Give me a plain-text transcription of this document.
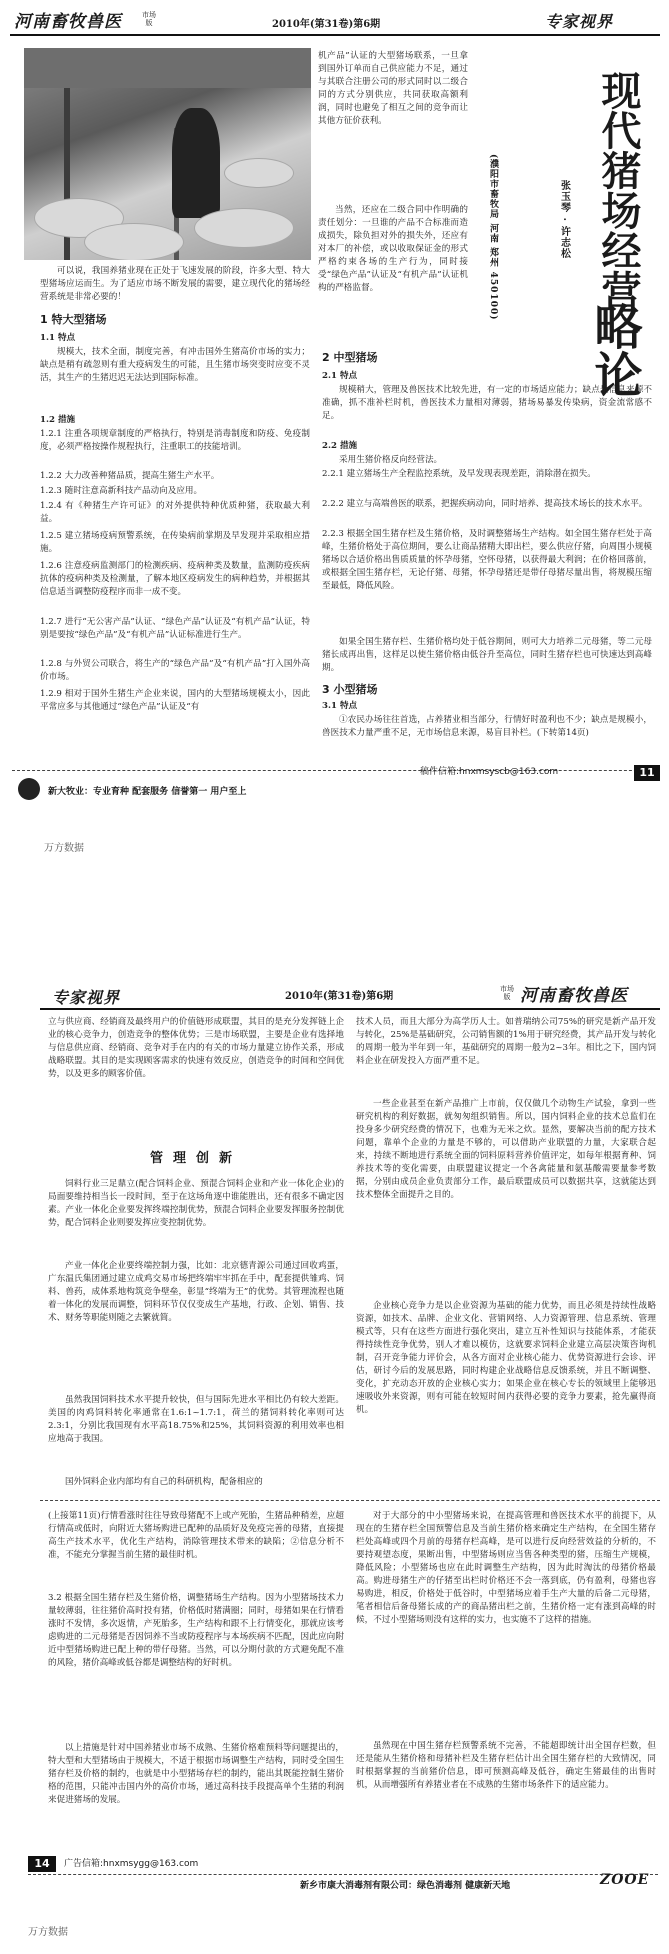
河南畜牧兽医	市场版	2010年(第31卷)第6期	专家视界
机产品”认证的大型猪场联系，一旦拿到国外订单而自己供应能力不足，通过与其联合注册公司的形式同时以二级合同的方式分别供应，共同获取高额利润，同时也避免了相互之间的竞争而让其他方征价获利。
当然，还应在二级合同中作明确的责任划分：一旦谁的产品不合标准而造成损失，除负担对外的损失外，还应有对本厂的补偿，或以收取保证金的形式严格约束各场的生产行为，同时接受“绿色产品”认证及“有机产品”认证机构的严格监督。	现代猪场经营
略论
张玉琴 · 许志松
(濮阳市畜牧局 河南 郑州 450100)
可以说，我国养猪业现在正处于飞速发展的阶段，许多大型、特大型猪场应运而生。为了适应市场不断发展的需要，建立现代化的猪场经营系统是非常必要的！
1 特大型猪场
1.1 特点
规模大，技术全面，制度完善，有冲击国外生猪高价市场的实力；缺点是稍有疏忽则有重大疫病发生的可能，且生猪市场突变时应变不灵活，其生产的生猪迟迟无法达到国际标准。
1.2 措施
1.2.1 注重各项规章制度的严格执行，特别是消毒制度和防疫、免疫制度，必须严格按操作规程执行，注重职工的技能培训。
1.2.2 大力改善种猪品质，提高生猪生产水平。
1.2.3 随时注意高新科技产品动向及应用。
1.2.4 有《种猪生产许可证》的对外提供特种优质种猪，获取最大利益。
1.2.5 建立猪场疫病预警系统，在传染病前掌期及早发现并采取相应措施。
1.2.6 注意疫病监测部门的检测疾病、疫病种类及数量，监测防疫疾病抗体的疫病种类及检测量，了解本地区疫病发生的病种趋势，并根据其信息适当调整防疫程序而非一成不变。
1.2.7 进行“无公害产品”认证、“绿色产品”认证及“有机产品”认证，特别是要按“绿色产品”及“有机产品”认证标准进行生产。
1.2.8 与外贸公司联合，将生产的“绿色产品”及“有机产品”打入国外高价市场。
1.2.9 相对于国外生猪生产企业来说，国内的大型猪场规模太小，因此平常应多与其他通过“绿色产品”认证及“有
2 中型猪场
2.1 特点
规模稍大，管理及兽医技术比较先进，有一定的市场适应能力；缺点是信息来源不准确，抓不准补栏时机，兽医技术力量相对薄弱，猪场易暴发传染病，资金流常感不足。
2.2 措施
采用生猪价格反向经营法。
2.2.1 建立猪场生产全程监控系统，及早发现表现差距，消除潜在损失。
2.2.2 建立与高端兽医的联系，把握疾病动向，同时培养、提高技术场长的技术水平。
2.2.3 根据全国生猪存栏及生猪价格，及时调整猪场生产结构。如全国生猪存栏处于高峰，生猪价格处于高位期间，要么让商品猪精大即出栏，要么供应仔猪，向周围小规模猪场以合适价格出售质质量的怀孕母猪，空怀母猪，以获得最大利润；在价格回落前，或根据全国生猪存栏，无论仔猪、母猪，怀孕母猪还是带仔母猪尽量出售，将规模压缩至最低，降低风险。
如果全国生猪存栏、生猪价格均处于低谷期间，则可大力培养二元母猪，等二元母猪长成再出售，这样足以使生猪价格由低谷升至高位，同时生猪存栏也可快速达到高峰期。
3 小型猪场
3.1 特点
①农民办场往往首选，占养猪业相当部分，行情好时盈利也不少；缺点是规模小，兽医技术力量严重不足，无市场信息来源，易盲目补栏。(下转第14页)
新大牧业：专业育种 配套服务 信誉第一 用户至上
稿件信箱:hnxmsyscb@163.com	11
万方数据
专家视界	2010年(第31卷)第6期
市场版 河南畜牧兽医
立与供应商、经销商及最终用户的价值链形成联盟，其目的是充分发挥链上企业的核心竞争力，创造竞争的整体优势；三是市场联盟，主要是企业有选择地与信息供应商、经销商、竞争对手在内的有关的市场力量建立协作关系，形成战略联盟。其目的是实现顾客需求的快速有效反应，创造竞争的时间和空间优势，以及更多的顾客价值。
管理创新
饲料行业三足鼎立(配合饲料企业、预混合饲料企业和产业一体化企业)的局面要维持相当长一段时间，至于在这场角逐中谁能胜出，还有很多不确定因素。产业一体化企业要发挥终端控制优势，预混合饲料企业要发挥服务控制优势，配合饲料企业则要发挥应变控制优势。
产业一体化企业要终端控制力强，比如：北京德青源公司通过回收鸡蛋，广东温氏集团通过建立成鸡交易市场把终端牢牢抓在手中，配套提供雏鸡、饲料、兽药，成体系地构筑竞争壁垒，彰显“终端为王”的优势。其管理流程也随着一体化的发展而调整，饲料环节仅仅变成生产基地，行政、企划、销售、技术、财务等职能则随之去繁就简。
虽然我国饲料技术水平提升较快，但与国际先进水平相比仍有较大差距。美国的肉鸡饲料转化率通常在1.6:1~1.7:1，荷兰的猪饲料转化率则可达2.3:1，分别比我国现有水平高18.75%和25%，其饲料资源的利用效率也相应地高于我国。
国外饲料企业内部均有自己的科研机构，配备相应的
技术人员，而且大部分为高学历人士。如普瑞纳公司75%的研究是新产品开发与转化，25%是基础研究，公司销售额的1%用于研究经费，其产品开发与转化的周期一般为半年到一年，基础研究的周期一般为2~3年。相比之下，国内饲料企业在研发投入方面严重不足。
一些企业甚至在新产品推广上市前，仅仅做几个动物生产试验，拿到一些研究机构的利好数据，就匆匆组织销售。所以，国内饲料企业的技术总监们在投身多少研究经费的情况下，也难为无米之炊。显然，要解决当前的配方技术问题，靠单个企业的力量是不够的，可以借助产业联盟的力量，大家联合起来，持续不断地进行系统全面的饲料原料营养价值评定，如每年根据育种、饲养技术等的变化需要，由联盟建议提定一个各禽能量和氨基酸需要量参考数据，分别由成员企业负责部分工作，最后联盟成员可以数据共享，这就能达到技术整体全面提升之目的。
企业核心竞争力是以企业资源为基础的能力优势，而且必须是持续性战略资源，如技术、品牌、企业文化、营销网络、人力资源管理、信息系统、管理模式等，只有在这些方面进行强化突出，建立互补性知识与技能体系，才能获得持续性竞争优势，别人才难以模仿，这就要求饲料企业建立高层决策咨询机制，召开竞争能力评价会，从各方面对企业核心能力、优势资源进行会诊、评估，研讨今后的发展思路，同时构建企业战略信息反馈系统，并且不断调整、变化，扩充动态开放的企业核心实力；如果企业在核心专长的领域里上能够迅速吸收外来资源，则有可能在较短时间内获得必要的竞争力要素，抢先赢得商机。
(上接第11页)行情看涨时往往导致母猪配不上或产死胎，生猪品种稍差，应超行情高或低时，向附近大猪场购进已配种的品质好及免疫完善的母猪，直接提高生产技术水平，优化生产结构，消除管理技术带来的缺陷；②信息分析不准，不能充分掌握当前生猪的最佳时机。
3.2 根据全国生猪存栏及生猪价格，调整猪场生产结构。因为小型猪场技术力量较薄弱，往往猪价高时投有猪，价格低时猪满圈；同时，母猪如果在行情看涨时不发情，多次返情，产死胎多，生产结构和跟不上行情变化，那就应该考虑购进的二元母猪是否因饲养不当或防疫程序与本场疾病不匹配，因此应向附近中型猪场购进已配上种的带仔母猪。当然，可以分期付款的方式避免配不准的风险，猪价高峰或低谷都是调整结构的好时机。
以上措施是针对中国养猪业市场不成熟、生猪价格难预料等问题提出的，特大型和大型猪场由于规模大，不适于根据市场调整生产结构，同时受全国生猪存栏及价格的制约，也就是中小型猪场存栏的制约，能出其既能控制生猪价格的范围，只能冲击国内外的高价市场，通过高科技手段提高单个生猪的利润来促进猪场的发展。
对于大部分的中小型猪场来说，在提高管理和兽医技术水平的前提下，从现在的生猪存栏全国预警信息及当前生猪价格来确定生产结构，在全国生猪存栏处高峰或四个月前的母猪存栏高峰，是可以进行反向经营效益的分析的，不要持观望态度，果断出售，中型猪场则应当售各种类型的猪，压缩生产规模，降低风险；小型猪场也应在此时调整生产结构，因为此时淘汰的母猪价格最高。购进母猪生产的仔猪至出栏时价格还不会一落到底，仍有盈利，母猪也容易购进，相反，价格处于低谷时，中型猪场应着手生产大量的后备二元母猪，笔者相信后备母猪长成的产的商品猪出栏之前，生猪价格一定有涨到高峰的时候，不过小型猪场则没有这样的实力，也实施不了这样的措施。
虽然现在中国生猪存栏预警系统不完善，不能超即统计出全国存栏数，但还是能从生猪价格和母猪补栏及生猪存栏估计出全国生猪存栏的大致情况，同时根据掌握的当前猪价信息，即可预测高峰及低谷，确定生猪最佳的出售时机，从而增强所有养猪业者在不成熟的生猪市场条件下的适应能力。
14	广告信箱:hnxmsygg@163.com
新乡市康大消毒剂有限公司：绿色消毒剂 健康新天地	ZOOE
万方数据
